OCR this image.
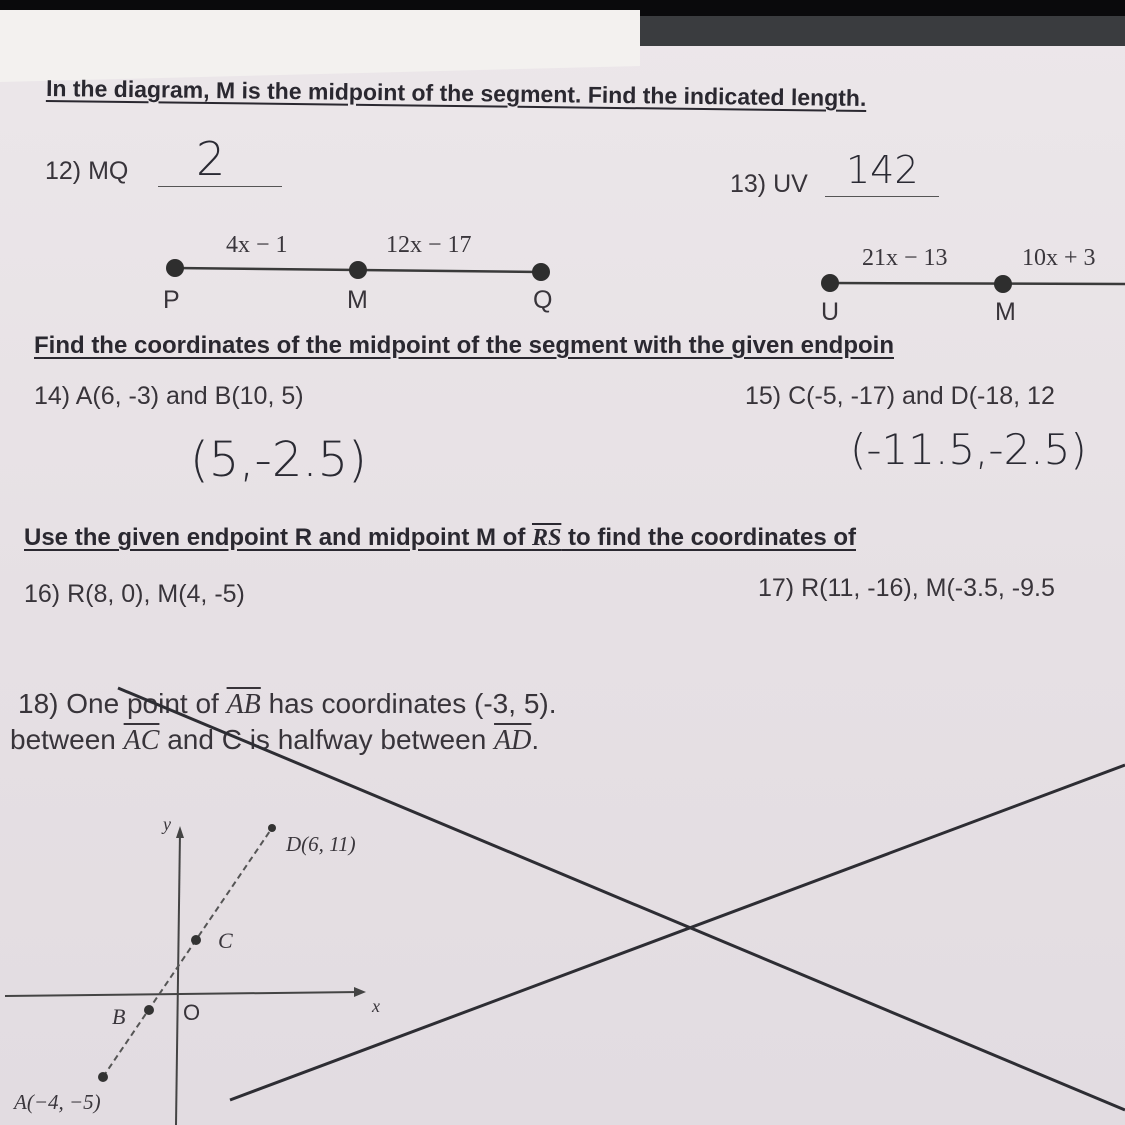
In the diagram, M is the midpoint of the segment. Find the indicated length.
12) MQ 2	13) UV 142
4x − 1	12x − 17
P	M	Q
21x − 13	10x + 3
U	M
Find the coordinates of the midpoint of the segment with the given endpoin
14) A(6, -3) and B(10, 5)
(5,-2.5)
15) C(-5, -17) and D(-18, 12
(-11.5,-2.5)
Use the given endpoint R and midpoint M of RS to find the coordinates of
16) R(8, 0), M(4, -5)	17) R(11, -16), M(-3.5, -9.5
18) One point of $\overline{AB}$ has coordinates (-3, 5).
between $\overline{AC}$ and C is halfway between $\overline{AD}$.
y
x
O
D(6, 11)
C
B
A(−4, −5)
